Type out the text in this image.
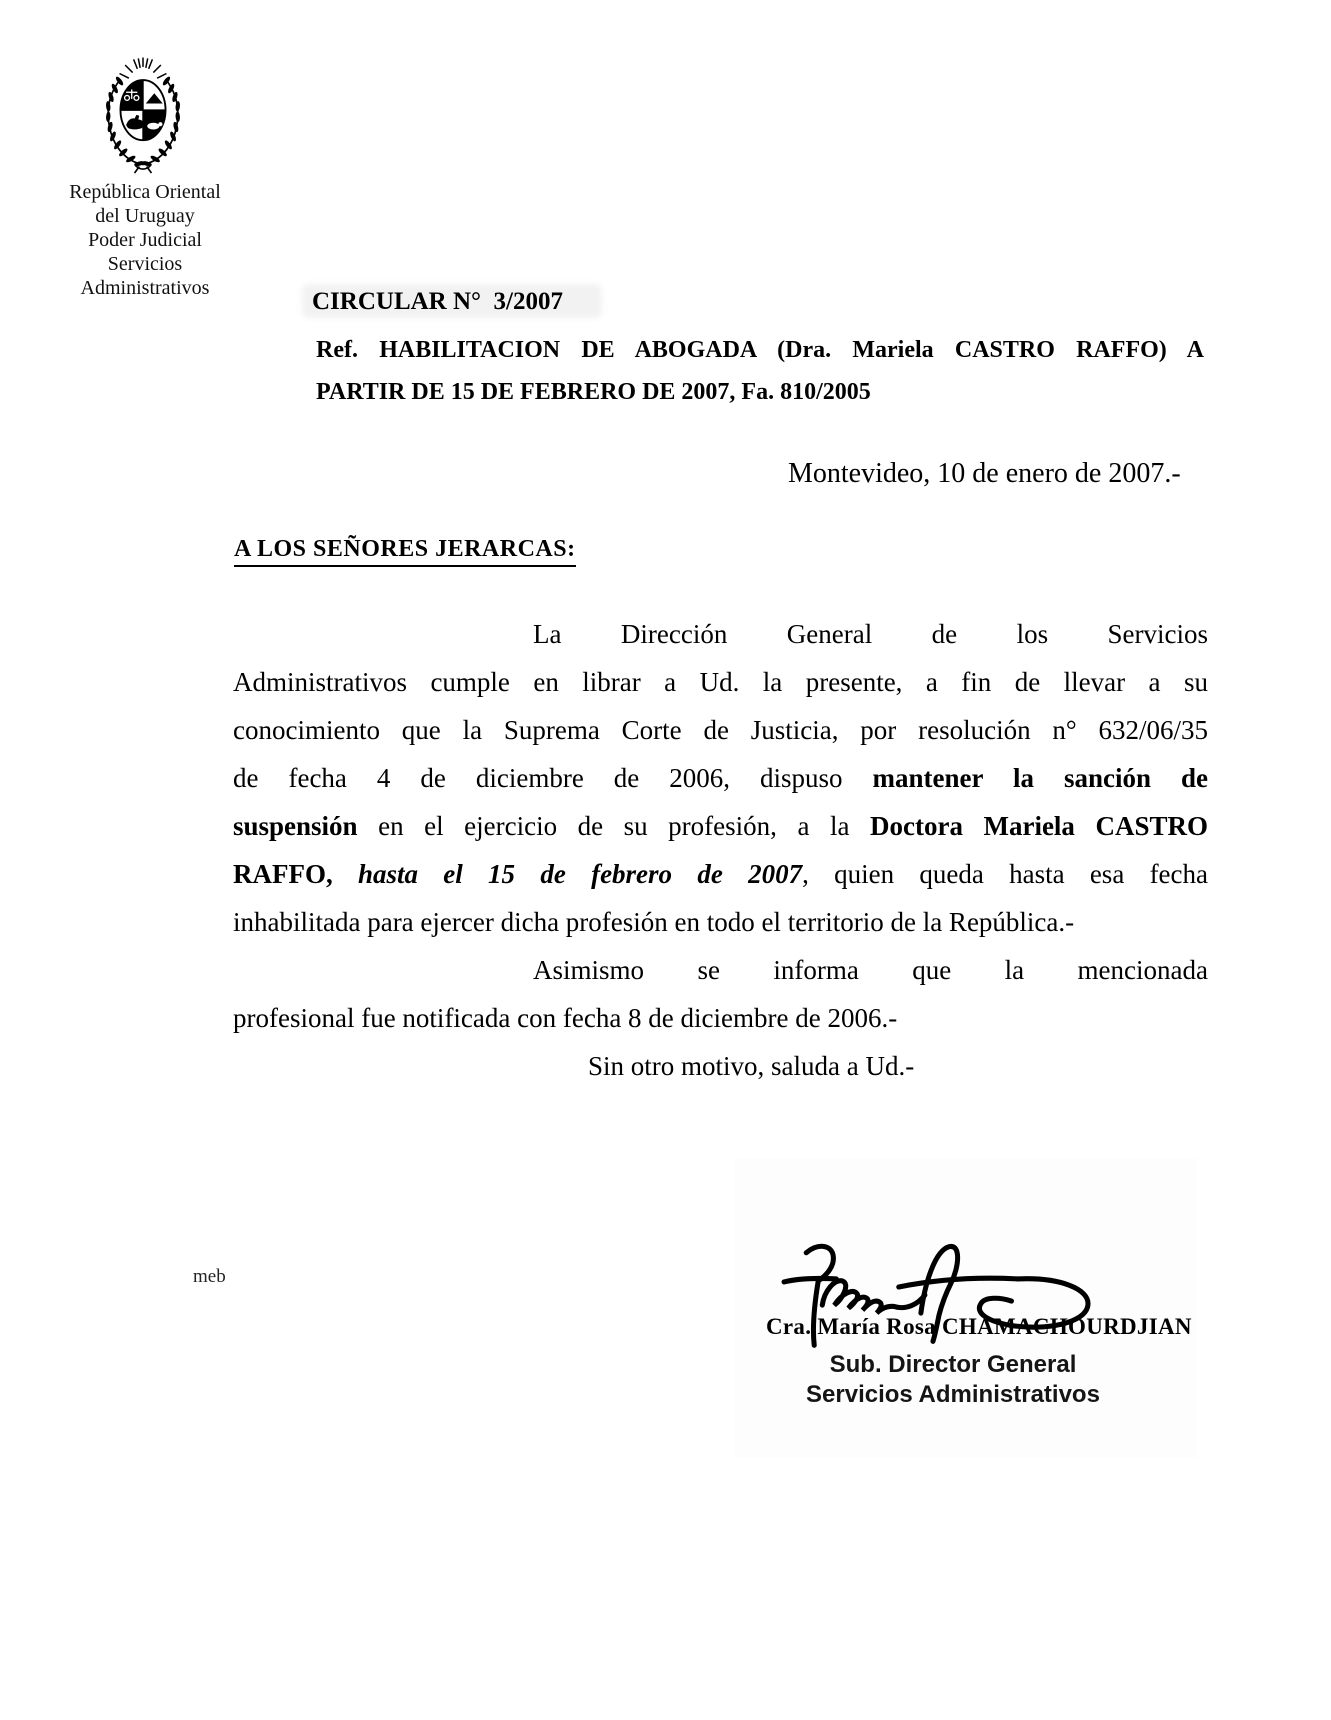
República Oriental
del Uruguay
Poder Judicial
Servicios
Administrativos	CIRCULAR N°  3/2007
Ref. HABILITACION DE ABOGADA (Dra. Mariela CASTRO RAFFO) A
PARTIR DE 15 DE FEBRERO DE 2007, Fa. 810/2005
Montevideo, 10 de enero de 2007.-
A LOS SEÑORES JERARCAS:
La Dirección General de los Servicios
Administrativos cumple en librar a Ud. la presente, a fin de llevar a su
conocimiento que la Suprema Corte de Justicia, por resolución n° 632/06/35
de fecha 4 de diciembre de 2006, dispuso mantener la sanción de
suspensión en el ejercicio de su profesión, a la Doctora Mariela CASTRO
RAFFO, hasta el 15 de febrero de 2007, quien queda hasta esa fecha
inhabilitada para ejercer dicha profesión en todo el territorio de la República.-
Asimismo se informa que la mencionada
profesional fue notificada con fecha 8 de diciembre de 2006.-
Sin otro motivo, saluda a Ud.-
meb
Cra. María Rosa CHAMACHOURDJIAN
Sub. Director General
Servicios Administrativos
